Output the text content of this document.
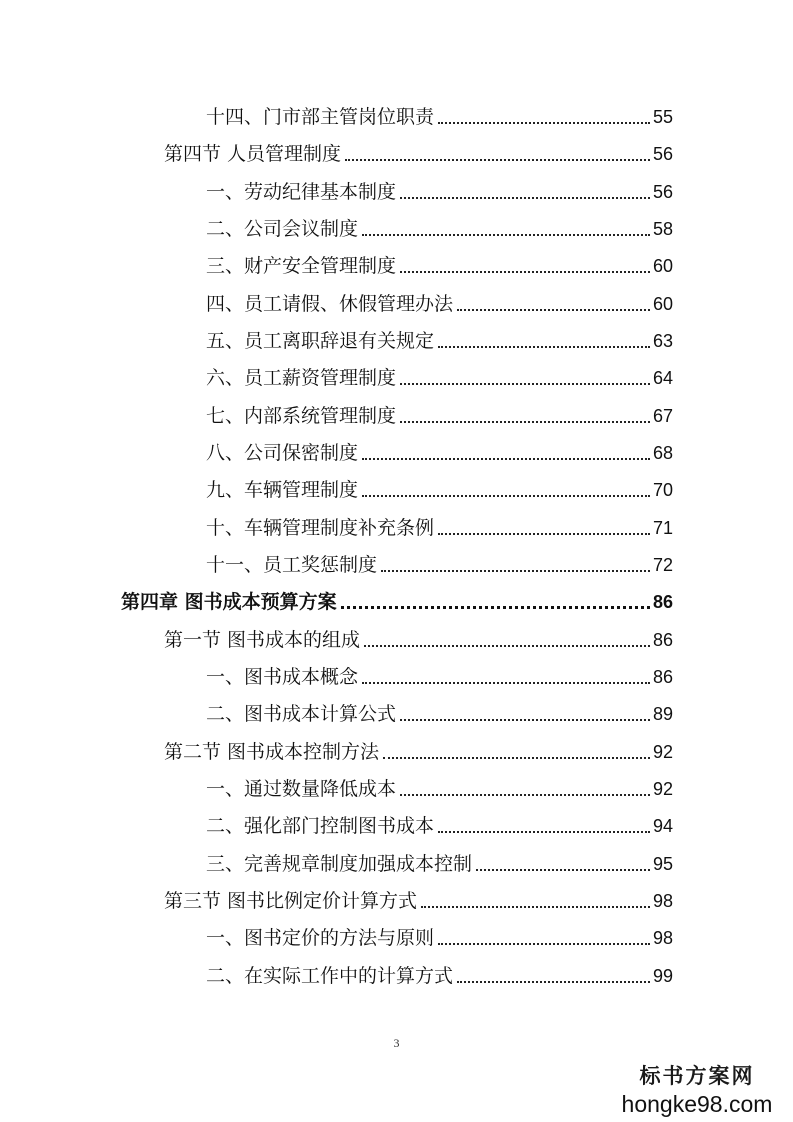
十四、门市部主管岗位职责	55
第四节 人员管理制度	56
一、劳动纪律基本制度	56
二、公司会议制度	58
三、财产安全管理制度	60
四、员工请假、休假管理办法	60
五、员工离职辞退有关规定	63
六、员工薪资管理制度	64
七、内部系统管理制度	67
八、公司保密制度	68
九、车辆管理制度	70
十、车辆管理制度补充条例	71
十一、员工奖惩制度	72
第四章 图书成本预算方案	86
第一节 图书成本的组成	86
一、图书成本概念	86
二、图书成本计算公式	89
第二节 图书成本控制方法	92
一、通过数量降低成本	92
二、强化部门控制图书成本	94
三、完善规章制度加强成本控制	95
第三节 图书比例定价计算方式	98
一、图书定价的方法与原则	98
二、在实际工作中的计算方式	99
3
标书方案网
hongke98.com
